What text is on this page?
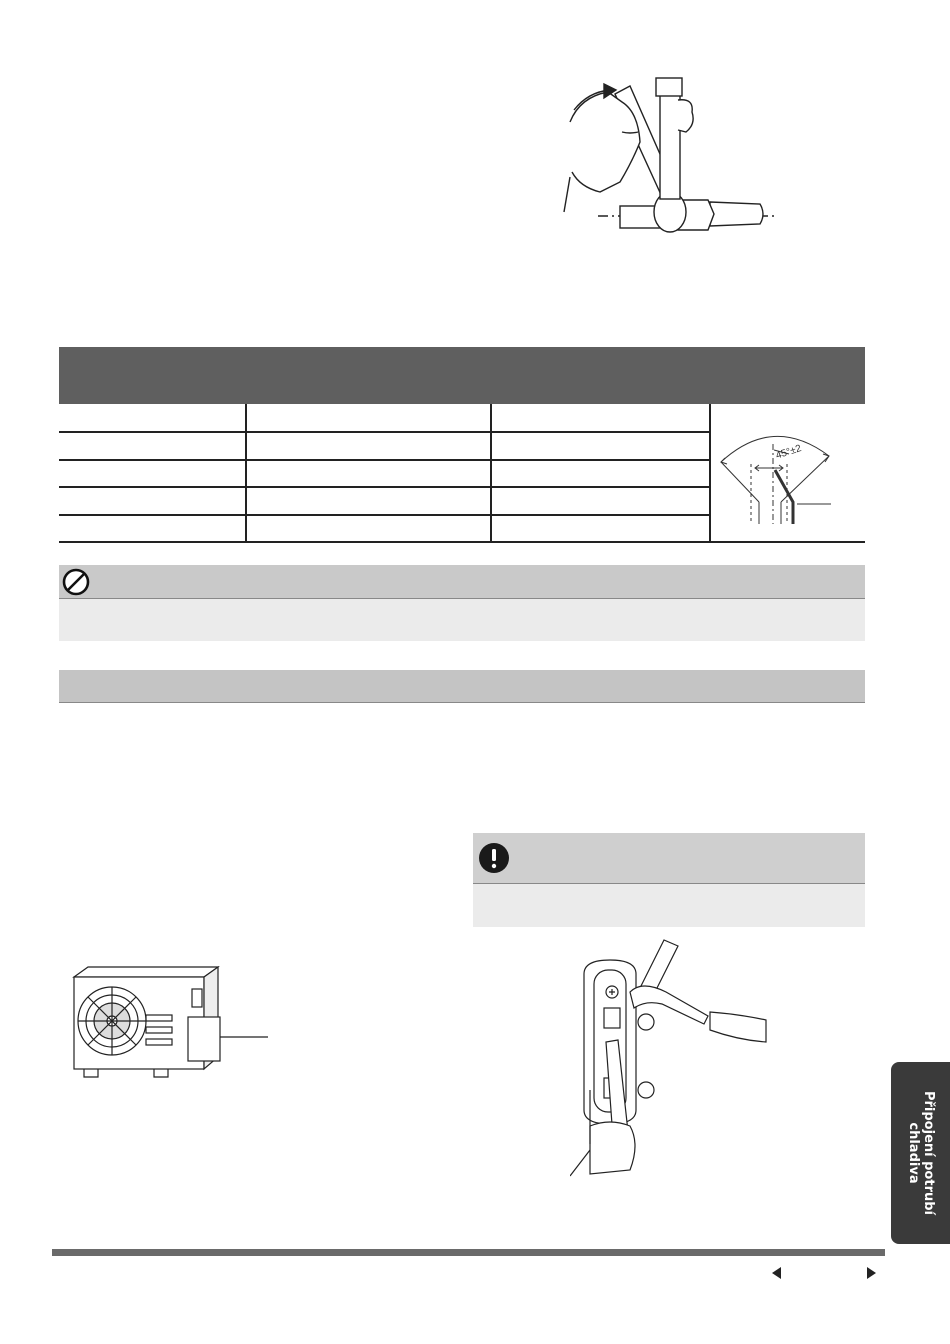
45°±2
Připojení potrubí
chladiva
